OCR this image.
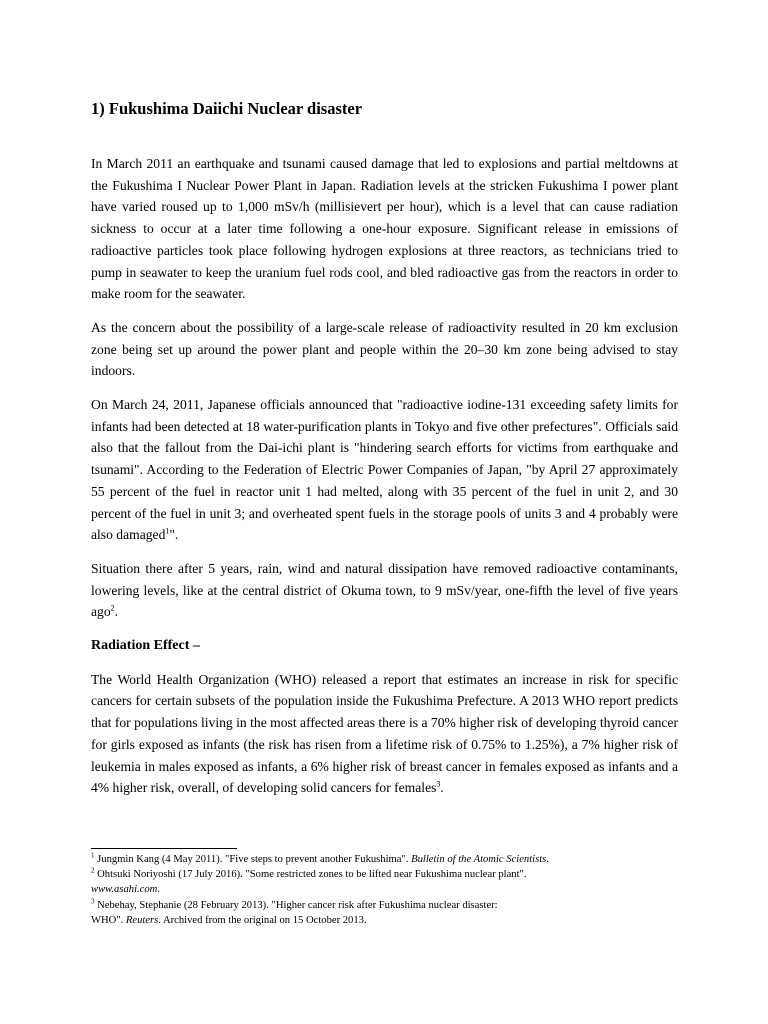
1) Fukushima Daiichi Nuclear disaster

In March 2011 an earthquake and tsunami caused damage that led to explosions and partial meltdowns at the Fukushima I Nuclear Power Plant in Japan. Radiation levels at the stricken Fukushima I power plant have varied roused up to 1,000 mSv/h (millisievert per hour), which is a level that can cause radiation sickness to occur at a later time following a one-hour exposure. Significant release in emissions of radioactive particles took place following hydrogen explosions at three reactors, as technicians tried to pump in seawater to keep the uranium fuel rods cool, and bled radioactive gas from the reactors in order to make room for the seawater.

As the concern about the possibility of a large-scale release of radioactivity resulted in 20 km exclusion zone being set up around the power plant and people within the 20–30 km zone being advised to stay indoors.

On March 24, 2011, Japanese officials announced that "radioactive iodine-131 exceeding safety limits for infants had been detected at 18 water-purification plants in Tokyo and five other prefectures". Officials said also that the fallout from the Dai-ichi plant is "hindering search efforts for victims from earthquake and tsunami". According to the Federation of Electric Power Companies of Japan, "by April 27 approximately 55 percent of the fuel in reactor unit 1 had melted, along with 35 percent of the fuel in unit 2, and 30 percent of the fuel in unit 3; and overheated spent fuels in the storage pools of units 3 and 4 probably were also damaged$^1$".

Situation there after 5 years, rain, wind and natural dissipation have removed radioactive contaminants, lowering levels, like at the central district of Okuma town, to 9 mSv/year, one-fifth the level of five years ago$^2$.

Radiation Effect –

The World Health Organization (WHO) released a report that estimates an increase in risk for specific cancers for certain subsets of the population inside the Fukushima Prefecture. A 2013 WHO report predicts that for populations living in the most affected areas there is a 70% higher risk of developing thyroid cancer for girls exposed as infants (the risk has risen from a lifetime risk of 0.75% to 1.25%), a 7% higher risk of leukemia in males exposed as infants, a 6% higher risk of breast cancer in females exposed as infants and a 4% higher risk, overall, of developing solid cancers for females$^3$.

$^1$ Jungmin Kang (4 May 2011). "Five steps to prevent another Fukushima". Bulletin of the Atomic Scientists.

$^2$ Ohtsuki Noriyoshi (17 July 2016). "Some restricted zones to be lifted near Fukushima nuclear plant". www.asahi.com.

$^3$ Nebehay, Stephanie (28 February 2013). "Higher cancer risk after Fukushima nuclear disaster: WHO". Reuters. Archived from the original on 15 October 2013.
